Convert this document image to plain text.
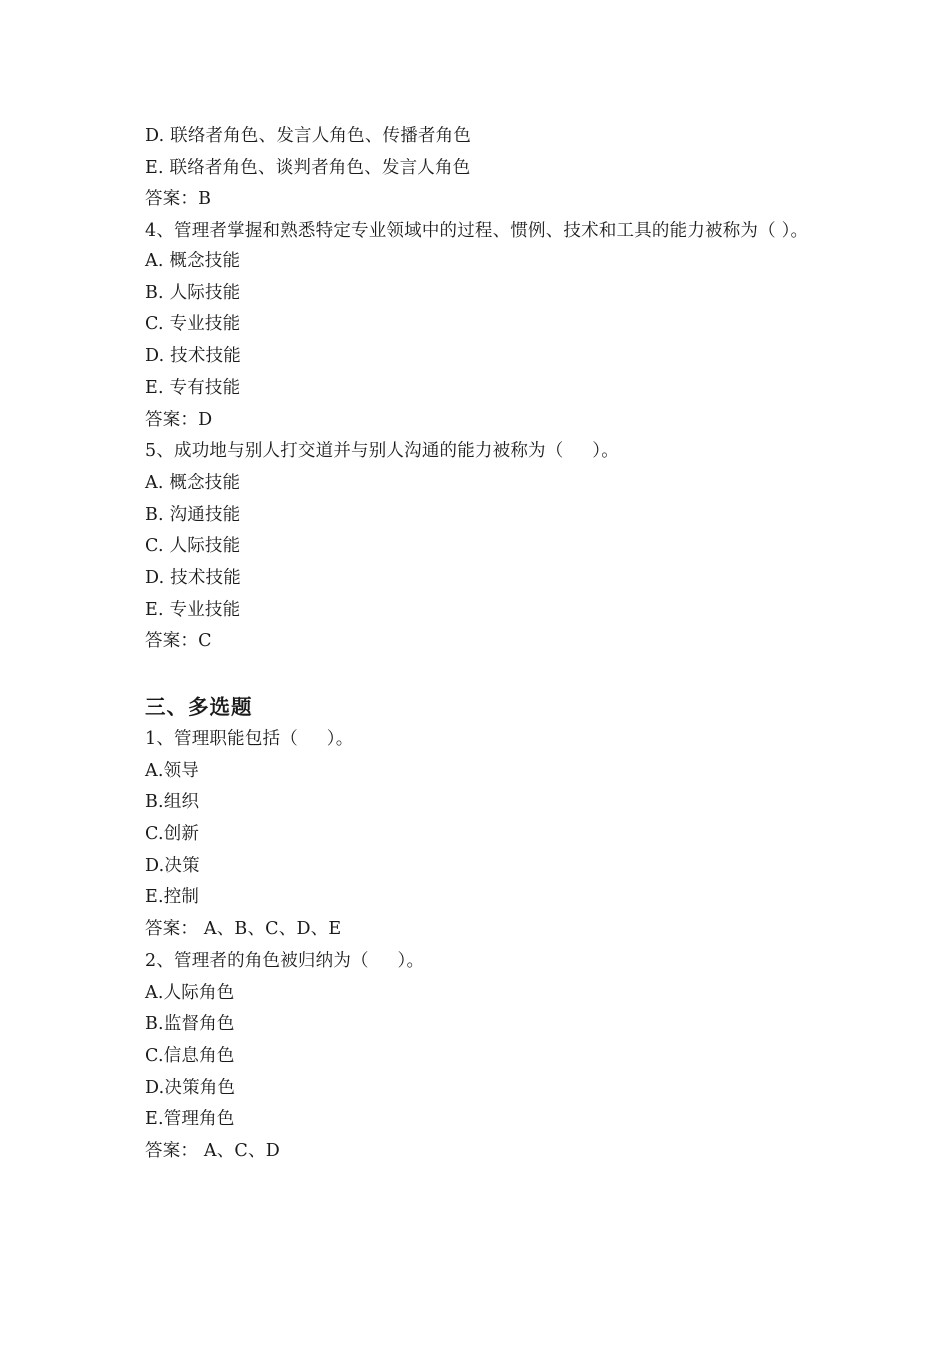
D. 联络者角色、发言人角色、传播者角色
E. 联络者角色、谈判者角色、发言人角色
答案：B
4、管理者掌握和熟悉特定专业领域中的过程、惯例、技术和工具的能力被称为（ ）。
A. 概念技能
B. 人际技能
C. 专业技能
D. 技术技能
E. 专有技能
答案：D
5、成功地与别人打交道并与别人沟通的能力被称为（     ）。
A. 概念技能
B. 沟通技能
C. 人际技能
D. 技术技能
E. 专业技能
答案：C
三、多选题
1、管理职能包括（     ）。
A.领导
B.组织
C.创新
D.决策
E.控制
答案： A、B、C、D、E
2、管理者的角色被归纳为（     ）。
A.人际角色
B.监督角色
C.信息角色
D.决策角色
E.管理角色
答案： A、C、D
